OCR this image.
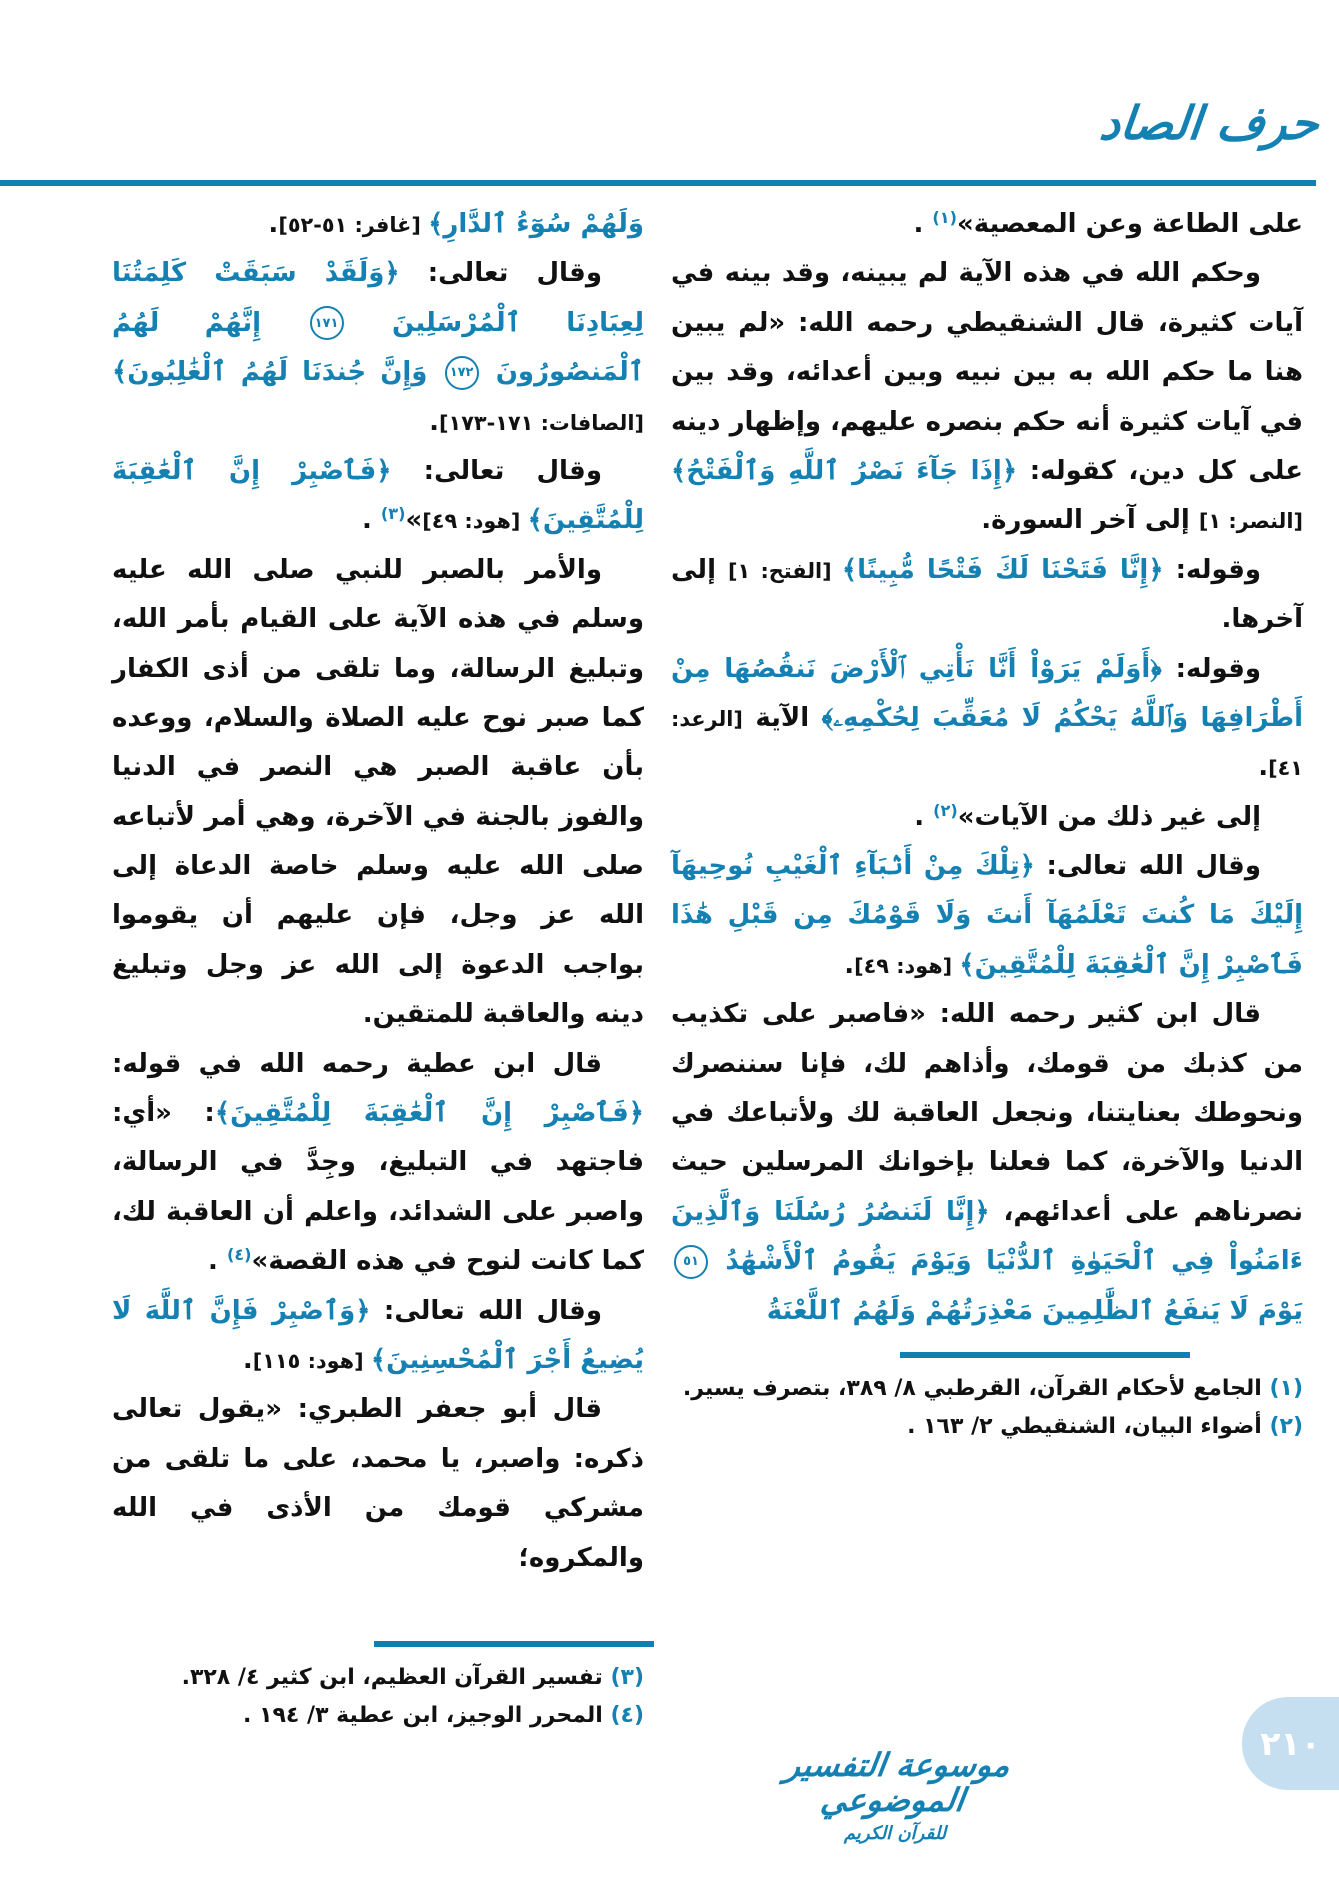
حرف الصاد

على الطاعة وعن المعصية»$^{(١)}$ .

وحكم الله في هذه الآية لم يبينه، وقد بينه في آيات كثيرة، قال الشنقيطي رحمه الله: «لم يبين هنا ما حكم الله به بين نبيه وبين أعدائه، وقد بين في آيات كثيرة أنه حكم بنصره عليهم، وإظهار دينه على كل دين، كقوله: ﴿إِذَا جَآءَ نَصْرُ ٱللَّهِ وَٱلْفَتْحُ﴾ [النصر: ١] إلى آخر السورة.

وقوله: ﴿إِنَّا فَتَحْنَا لَكَ فَتْحًا مُّبِينًا﴾ [الفتح: ١] إلى آخرها.

وقوله: ﴿أَوَلَمْ يَرَوْاْ أَنَّا نَأْتِي ٱلْأَرْضَ نَنقُصُهَا مِنْ أَطْرَافِهَا وَٱللَّهُ يَحْكُمُ لَا مُعَقِّبَ لِحُكْمِهِۦ﴾ الآية [الرعد: ٤١].

إلى غير ذلك من الآيات»$^{(٢)}$ .

وقال الله تعالى: ﴿تِلْكَ مِنْ أَنۢبَآءِ ٱلْغَيْبِ نُوحِيهَآ إِلَيْكَ مَا كُنتَ تَعْلَمُهَآ أَنتَ وَلَا قَوْمُكَ مِن قَبْلِ هَٰذَا فَٱصْبِرْ إِنَّ ٱلْعَٰقِبَةَ لِلْمُتَّقِينَ﴾ [هود: ٤٩].

قال ابن كثير رحمه الله: «فاصبر على تكذيب من كذبك من قومك، وأذاهم لك، فإنا سننصرك ونحوطك بعنايتنا، ونجعل العاقبة لك ولأتباعك في الدنيا والآخرة، كما فعلنا بإخوانك المرسلين حيث نصرناهم على أعدائهم، ﴿إِنَّا لَنَنصُرُ رُسُلَنَا وَٱلَّذِينَ ءَامَنُواْ فِي ٱلْحَيَوٰةِ ٱلدُّنْيَا وَيَوْمَ يَقُومُ ٱلْأَشْهَٰدُ
٥١
يَوْمَ لَا يَنفَعُ ٱلظَّٰلِمِينَ مَعْذِرَتُهُمْ وَلَهُمُ ٱللَّعْنَةُ

(١) الجامع لأحكام القرآن، القرطبي ٨/ ٣٨٩، بتصرف يسير.

(٢) أضواء البيان، الشنقيطي ٢/ ١٦٣ .

وَلَهُمْ سُوٓءُ ٱلدَّارِ﴾ [غافر: ٥١-٥٢].

وقال تعالى: ﴿وَلَقَدْ سَبَقَتْ كَلِمَتُنَا لِعِبَادِنَا ٱلْمُرْسَلِينَ
١٧١
إِنَّهُمْ لَهُمُ ٱلْمَنصُورُونَ
١٧٢
وَإِنَّ جُندَنَا لَهُمُ ٱلْغَٰلِبُونَ﴾ [الصافات: ١٧١-١٧٣].

وقال تعالى: ﴿فَٱصْبِرْ إِنَّ ٱلْعَٰقِبَةَ لِلْمُتَّقِينَ﴾ [هود: ٤٩]»$^{(٣)}$ .

والأمر بالصبر للنبي صلى الله عليه وسلم في هذه الآية على القيام بأمر الله، وتبليغ الرسالة، وما تلقى من أذى الكفار كما صبر نوح عليه الصلاة والسلام، ووعده بأن عاقبة الصبر هي النصر في الدنيا والفوز بالجنة في الآخرة، وهي أمر لأتباعه صلى الله عليه وسلم خاصة الدعاة إلى الله عز وجل، فإن عليهم أن يقوموا بواجب الدعوة إلى الله عز وجل وتبليغ دينه والعاقبة للمتقين.

قال ابن عطية رحمه الله في قوله: ﴿فَٱصْبِرْ إِنَّ ٱلْعَٰقِبَةَ لِلْمُتَّقِينَ﴾: «أي: فاجتهد في التبليغ، وجِدَّ في الرسالة، واصبر على الشدائد، واعلم أن العاقبة لك، كما كانت لنوح في هذه القصة»$^{(٤)}$ .

وقال الله تعالى: ﴿وَٱصْبِرْ فَإِنَّ ٱللَّهَ لَا يُضِيعُ أَجْرَ ٱلْمُحْسِنِينَ﴾ [هود: ١١٥].

قال أبو جعفر الطبري: «يقول تعالى ذكره: واصبر، يا محمد، على ما تلقى من مشركي قومك من الأذى في الله والمكروه؛

(٣) تفسير القرآن العظيم، ابن كثير ٤/ ٣٢٨.

(٤) المحرر الوجيز، ابن عطية ٣/ ١٩٤ .

موسوعة التفسير الموضوعي
للقرآن الكريم
٢١٠
